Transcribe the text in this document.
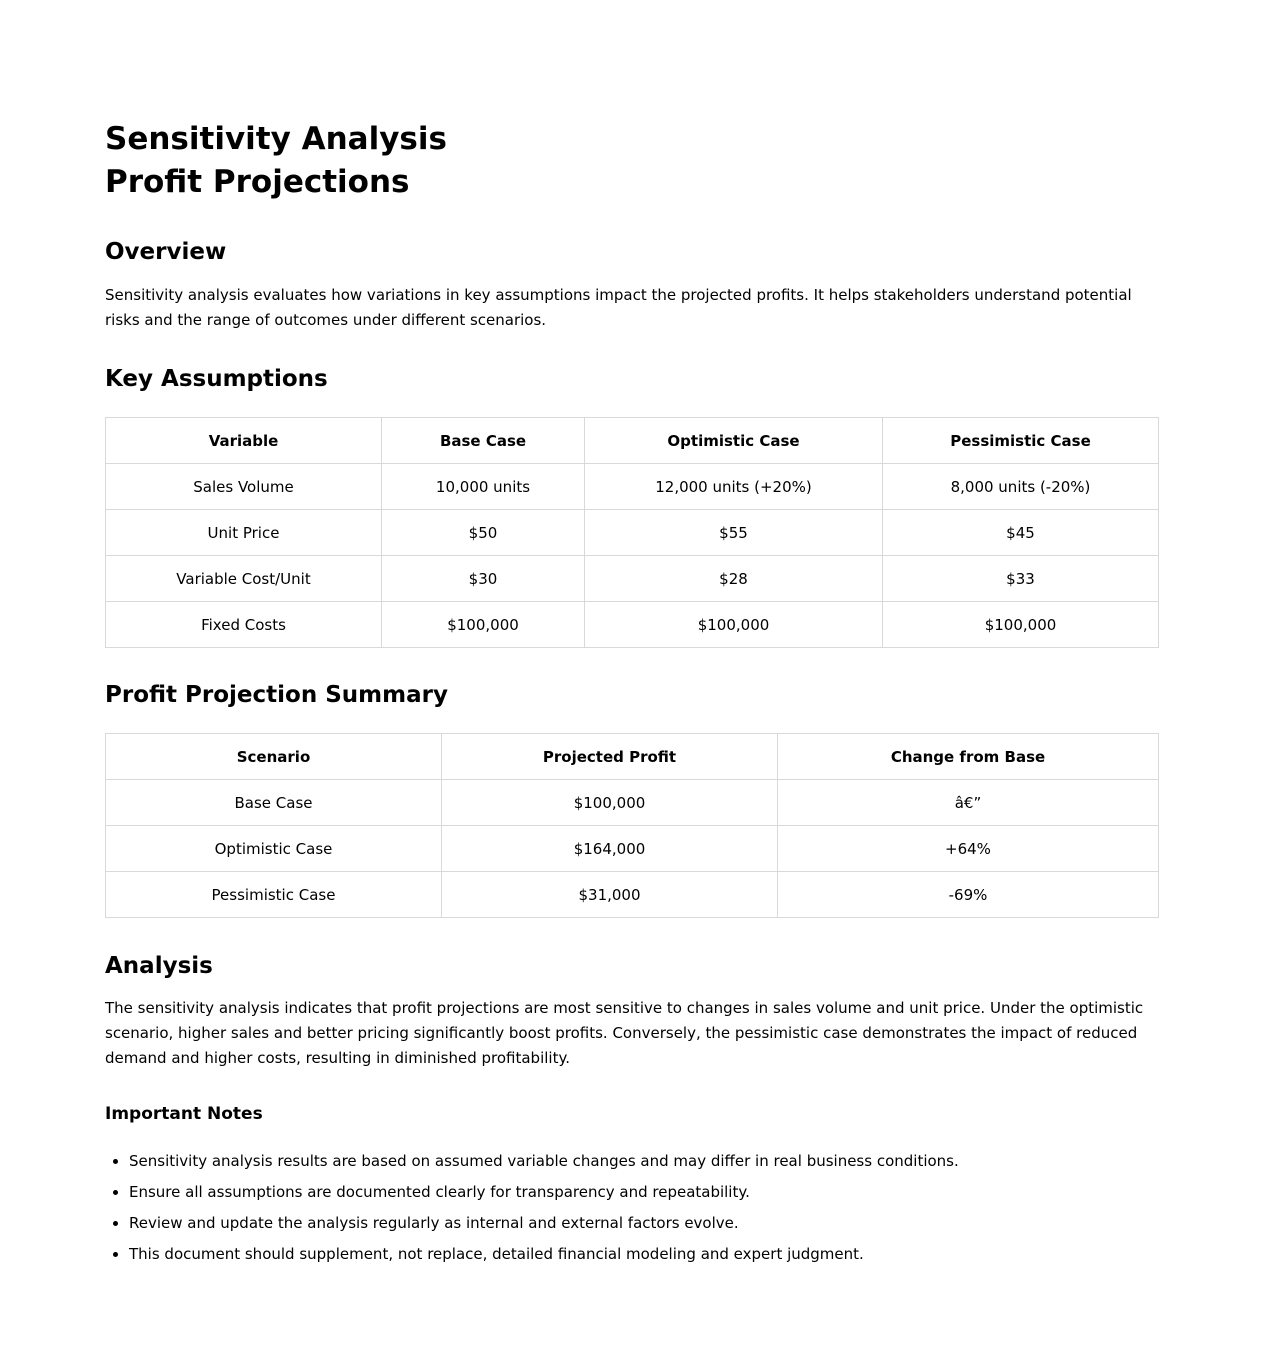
Sensitivity Analysis
Profit Projections
Overview

Sensitivity analysis evaluates how variations in key assumptions impact the projected profits. It helps stakeholders understand potential risks and the range of outcomes under different scenarios.

Key Assumptions
Variable	Base Case	Optimistic Case	Pessimistic Case
Sales Volume	10,000 units	12,000 units (+20%)	8,000 units (-20%)
Unit Price	$50	$55	$45
Variable Cost/Unit	$30	$28	$33
Fixed Costs	$100,000	$100,000	$100,000
Profit Projection Summary
Scenario	Projected Profit	Change from Base
Base Case	$100,000	â€”
Optimistic Case	$164,000	+64%
Pessimistic Case	$31,000	-69%
Analysis

The sensitivity analysis indicates that profit projections are most sensitive to changes in sales volume and unit price. Under the optimistic scenario, higher sales and better pricing significantly boost profits. Conversely, the pessimistic case demonstrates the impact of reduced demand and higher costs, resulting in diminished profitability.

Important Notes
• Sensitivity analysis results are based on assumed variable changes and may differ in real business conditions.
• Ensure all assumptions are documented clearly for transparency and repeatability.
• Review and update the analysis regularly as internal and external factors evolve.
• This document should supplement, not replace, detailed financial modeling and expert judgment.
